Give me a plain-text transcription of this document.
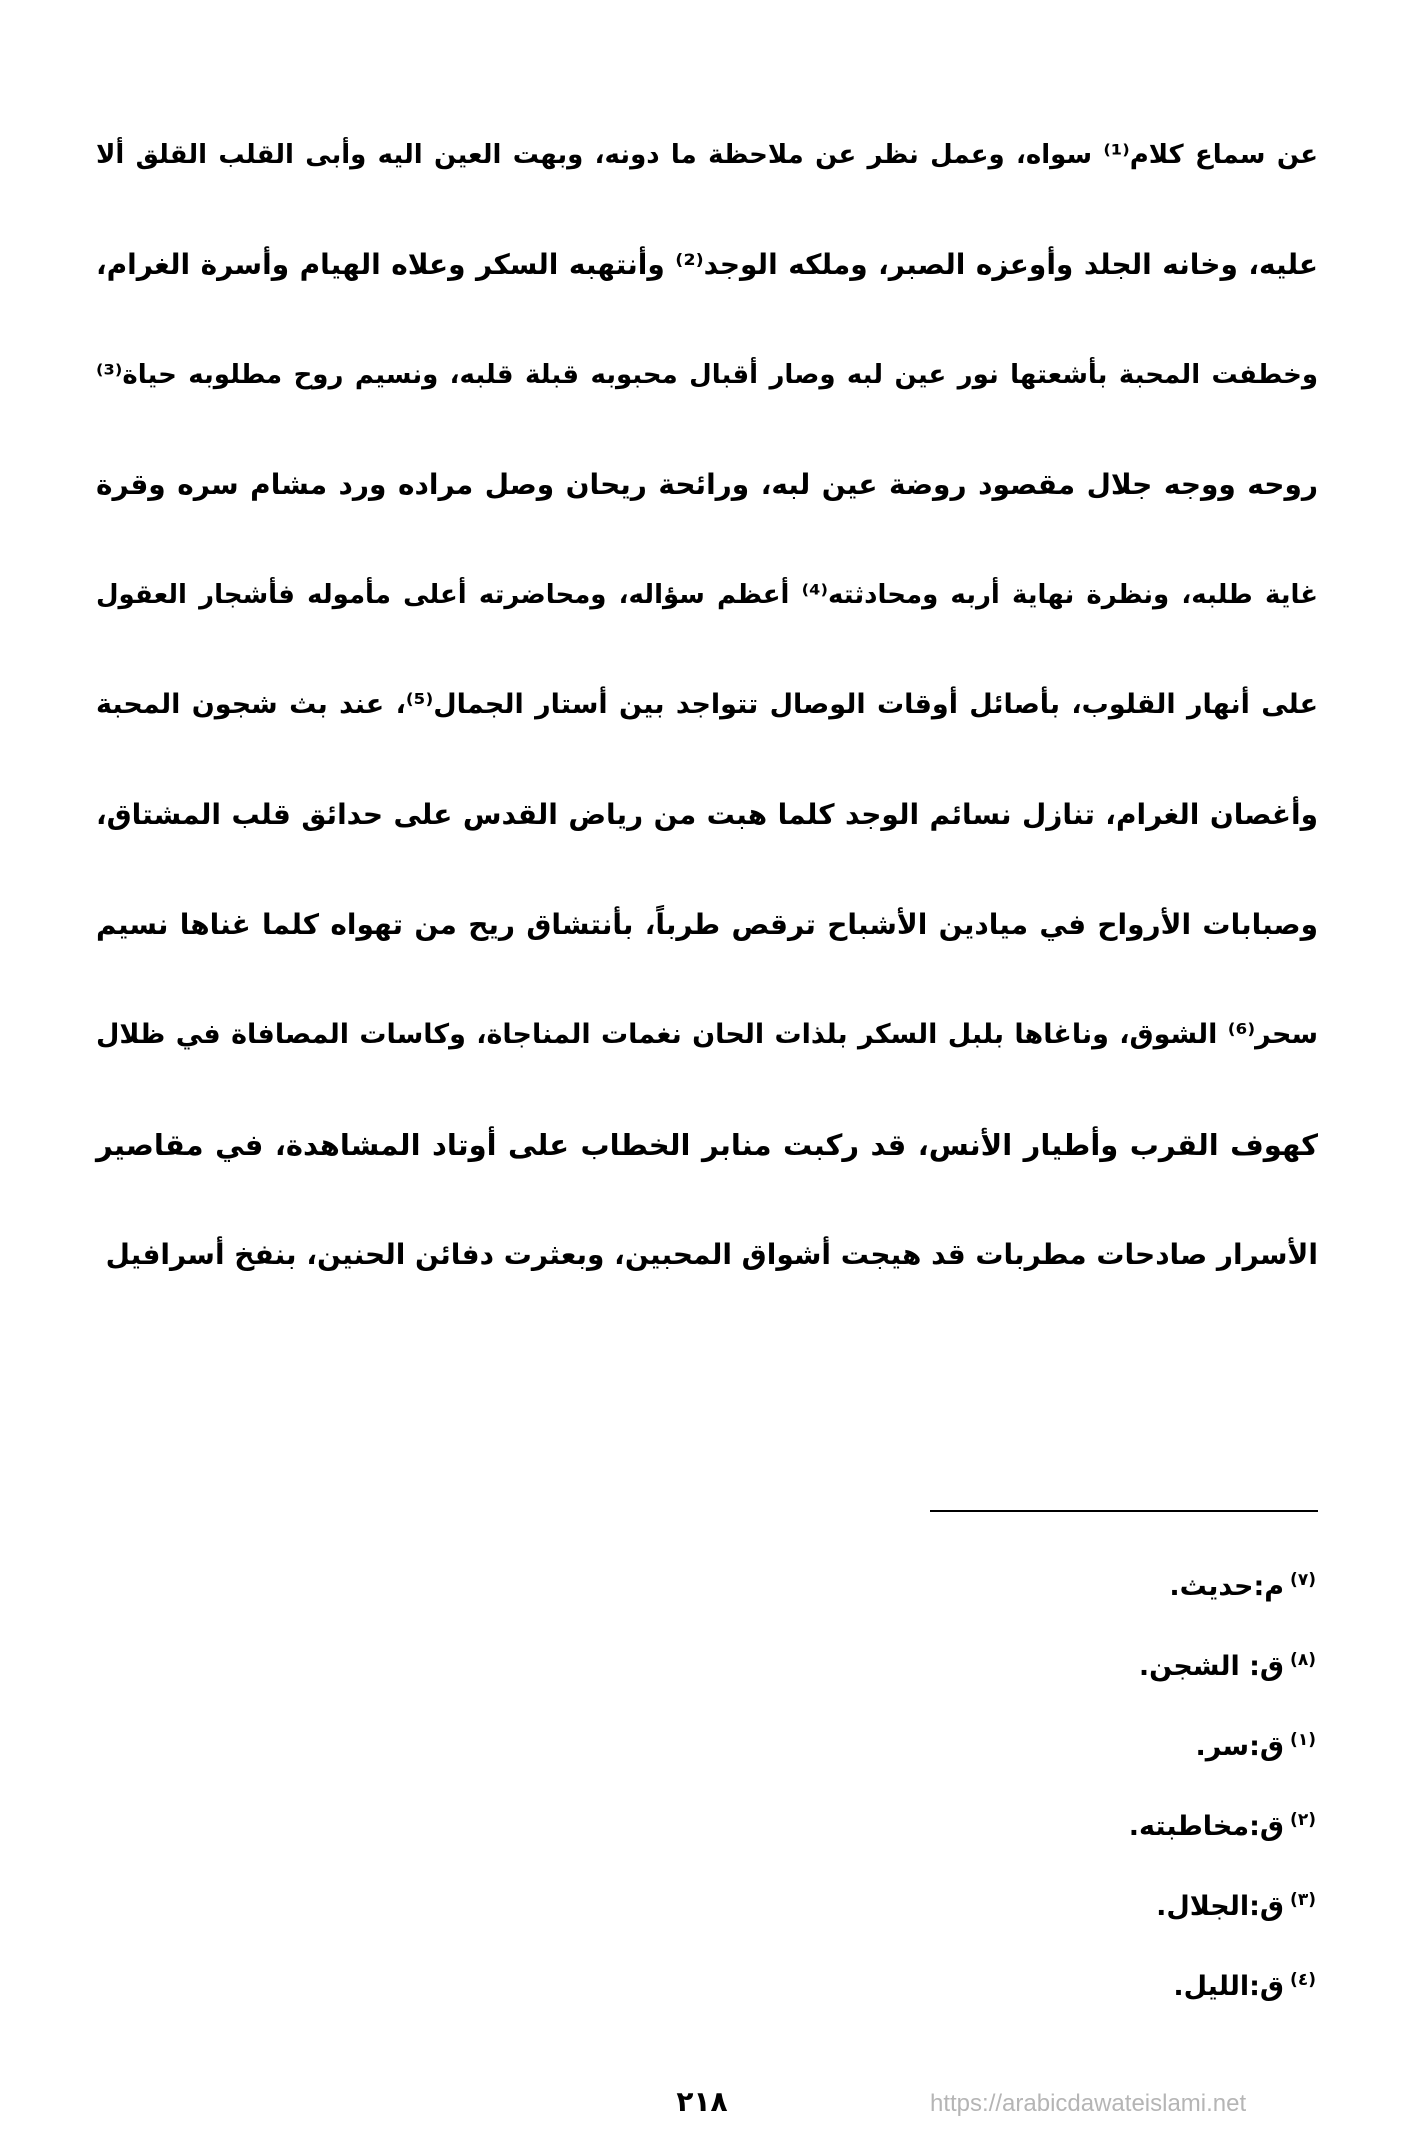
عن سماع كلام⁽¹⁾ سواه، وعمل نظر عن ملاحظة ما دونه، وبهت العين اليه وأبى القلب القلق ألا
عليه، وخانه الجلد وأوعزه الصبر، وملكه الوجد⁽²⁾ وأنتهبه السكر وعلاه الهيام وأسرة الغرام،
وخطفت المحبة بأشعتها نور عين لبه وصار أقبال محبوبه قبلة قلبه، ونسيم روح مطلوبه حياة⁽³⁾
روحه ووجه جلال مقصود روضة عين لبه، ورائحة ريحان وصل مراده ورد مشام سره وقرة
غاية طلبه، ونظرة نهاية أربه ومحادثته⁽⁴⁾ أعظم سؤاله، ومحاضرته أعلى مأموله فأشجار العقول
على أنهار القلوب، بأصائل أوقات الوصال تتواجد بين أستار الجمال⁽⁵⁾، عند بث شجون المحبة
وأغصان الغرام، تنازل نسائم الوجد كلما هبت من رياض القدس على حدائق قلب المشتاق،
وصبابات الأرواح في ميادين الأشباح ترقص طرباً، بأنتشاق ريح من تهواه كلما غناها نسيم
سحر⁽⁶⁾ الشوق، وناغاها بلبل السكر بلذات الحان نغمات المناجاة، وكاسات المصافاة في ظلال
كهوف القرب وأطيار الأنس، قد ركبت منابر الخطاب على أوتاد المشاهدة، في مقاصير
الأسرار صادحات مطربات قد هيجت أشواق المحبين، وبعثرت دفائن الحنين، بنفخ أسرافيل
$^{(٧)}$م:حديث.
$^{(٨)}$ق: الشجن.
$^{(١)}$ق:سر.
$^{(٢)}$ق:مخاطبته.
$^{(٣)}$ق:الجلال.
$^{(٤)}$ق:الليل.
٢١٨	https://arabicdawateislami.net
